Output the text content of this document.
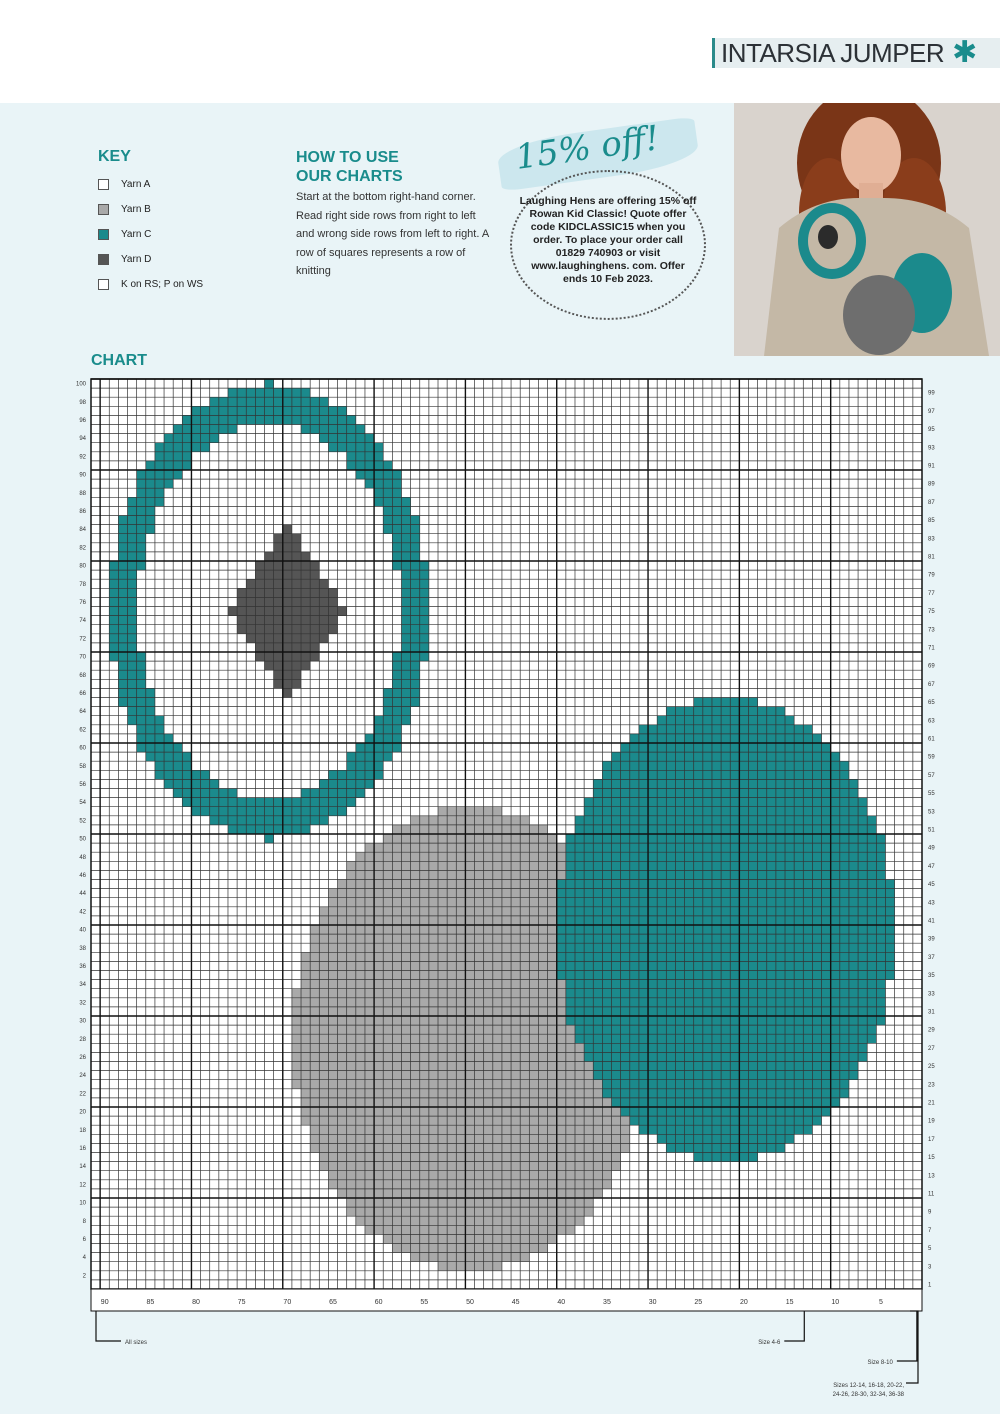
INTARSIA JUMPER ✱
KEY
Yarn A
Yarn B
Yarn C
Yarn D
K on RS; P on WS
HOW TO USE
OUR CHARTS

Start at the bottom right-hand corner. Read right side rows from right to left and wrong side rows from left to right. A row of squares represents a row of knitting

15% off!
Laughing Hens are offering 15% off Rowan Kid Classic! Quote offer code KIDCLASSIC15 when you order. To place your order call 01829 740903 or visit www.laughinghens. com. Offer ends 10 Feb 2023.
CHART
2
4
6
8
10
12
14
16
18
20
22
24
26
28
30
32
34
36
38
40
42
44
46
48
50
52
54
56
58
60
62
64
66
68
70
72
74
76
78
80
82
84
86
88
90
92
94
96
98
100
1
3
5
7
9
11
13
15
17
19
21
23
25
27
29
31
33
35
37
39
41
43
45
47
49
51
53
55
57
59
61
63
65
67
69
71
73
75
77
79
81
83
85
87
89
91
93
95
97
99
5
10
15
20
25
30
35
40
45
50
55
60
65
70
75
80
85
90
All sizes	Size 4-6
Size 8-10
Sizes 12-14, 16-18, 20-22,
24-26, 28-30, 32-34, 36-38
